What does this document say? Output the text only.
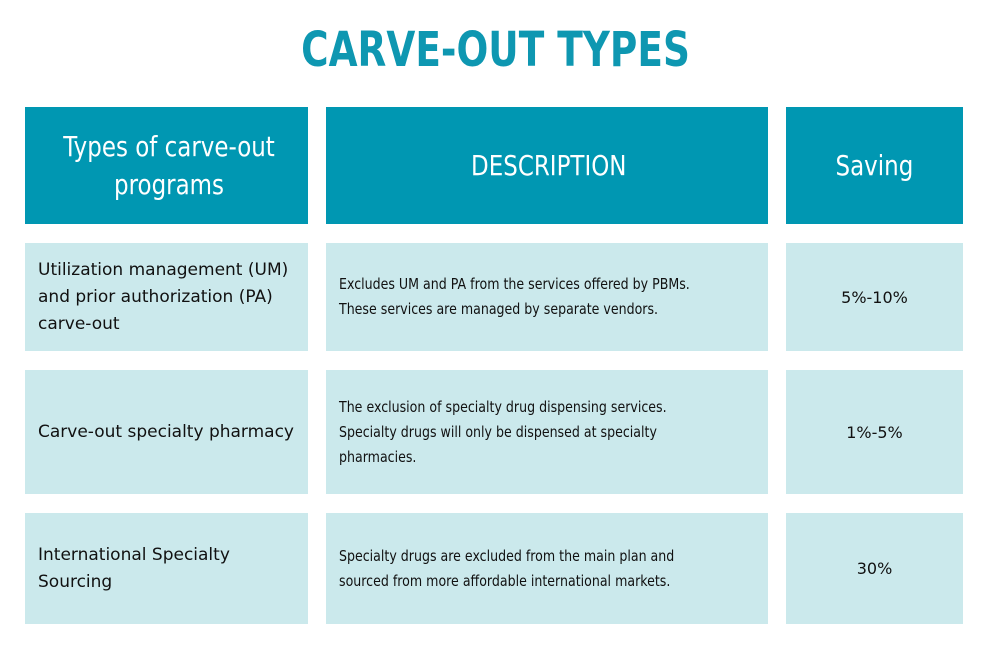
CARVE-OUT TYPES
Types of carve-out programs
DESCRIPTION	Saving
Utilization management (UM) and prior authorization (PA) carve-out
Excludes UM and PA from the services offered by PBMs. These services are managed by separate vendors.
5%-10%
Carve-out specialty pharmacy
The exclusion of specialty drug dispensing services. Specialty drugs will only be dispensed at specialty pharmacies.
1%-5%
International Specialty Sourcing
Specialty drugs are excluded from the main plan and sourced from more affordable international markets.
30%
